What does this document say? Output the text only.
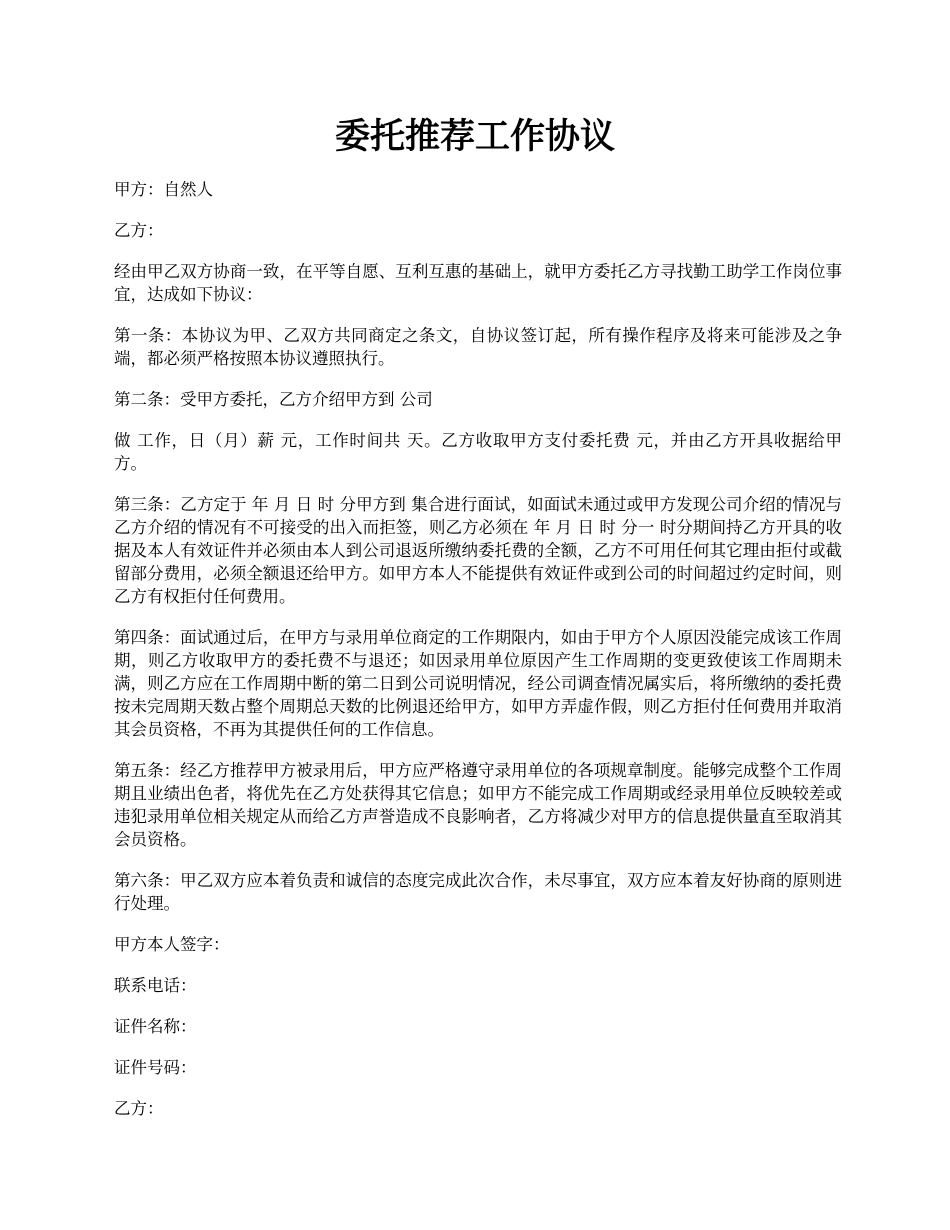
委托推荐工作协议

甲方：自然人

乙方：

经由甲乙双方协商一致，在平等自愿、互利互惠的基础上，就甲方委托乙方寻找勤工助学工作岗位事宜，达成如下协议：

第一条：本协议为甲、乙双方共同商定之条文，自协议签订起，所有操作程序及将来可能涉及之争端，都必须严格按照本协议遵照执行。

第二条：受甲方委托，乙方介绍甲方到 公司

做 工作，日（月）薪 元，工作时间共 天。乙方收取甲方支付委托费 元，并由乙方开具收据给甲方。

第三条：乙方定于 年 月 日 时 分甲方到 集合进行面试，如面试未通过或甲方发现公司介绍的情况与乙方介绍的情况有不可接受的出入而拒签，则乙方必须在 年 月 日 时 分一 时分期间持乙方开具的收据及本人有效证件并必须由本人到公司退返所缴纳委托费的全额，乙方不可用任何其它理由拒付或截留部分费用，必须全额退还给甲方。如甲方本人不能提供有效证件或到公司的时间超过约定时间，则乙方有权拒付任何费用。

第四条：面试通过后，在甲方与录用单位商定的工作期限内，如由于甲方个人原因没能完成该工作周期，则乙方收取甲方的委托费不与退还；如因录用单位原因产生工作周期的变更致使该工作周期未满，则乙方应在工作周期中断的第二日到公司说明情况，经公司调查情况属实后，将所缴纳的委托费按未完周期天数占整个周期总天数的比例退还给甲方，如甲方弄虚作假，则乙方拒付任何费用并取消其会员资格，不再为其提供任何的工作信息。

第五条：经乙方推荐甲方被录用后，甲方应严格遵守录用单位的各项规章制度。能够完成整个工作周期且业绩出色者，将优先在乙方处获得其它信息；如甲方不能完成工作周期或经录用单位反映较差或违犯录用单位相关规定从而给乙方声誉造成不良影响者，乙方将减少对甲方的信息提供量直至取消其会员资格。

第六条：甲乙双方应本着负责和诚信的态度完成此次合作，未尽事宜，双方应本着友好协商的原则进行处理。

甲方本人签字：

联系电话：

证件名称：

证件号码：

乙方：
